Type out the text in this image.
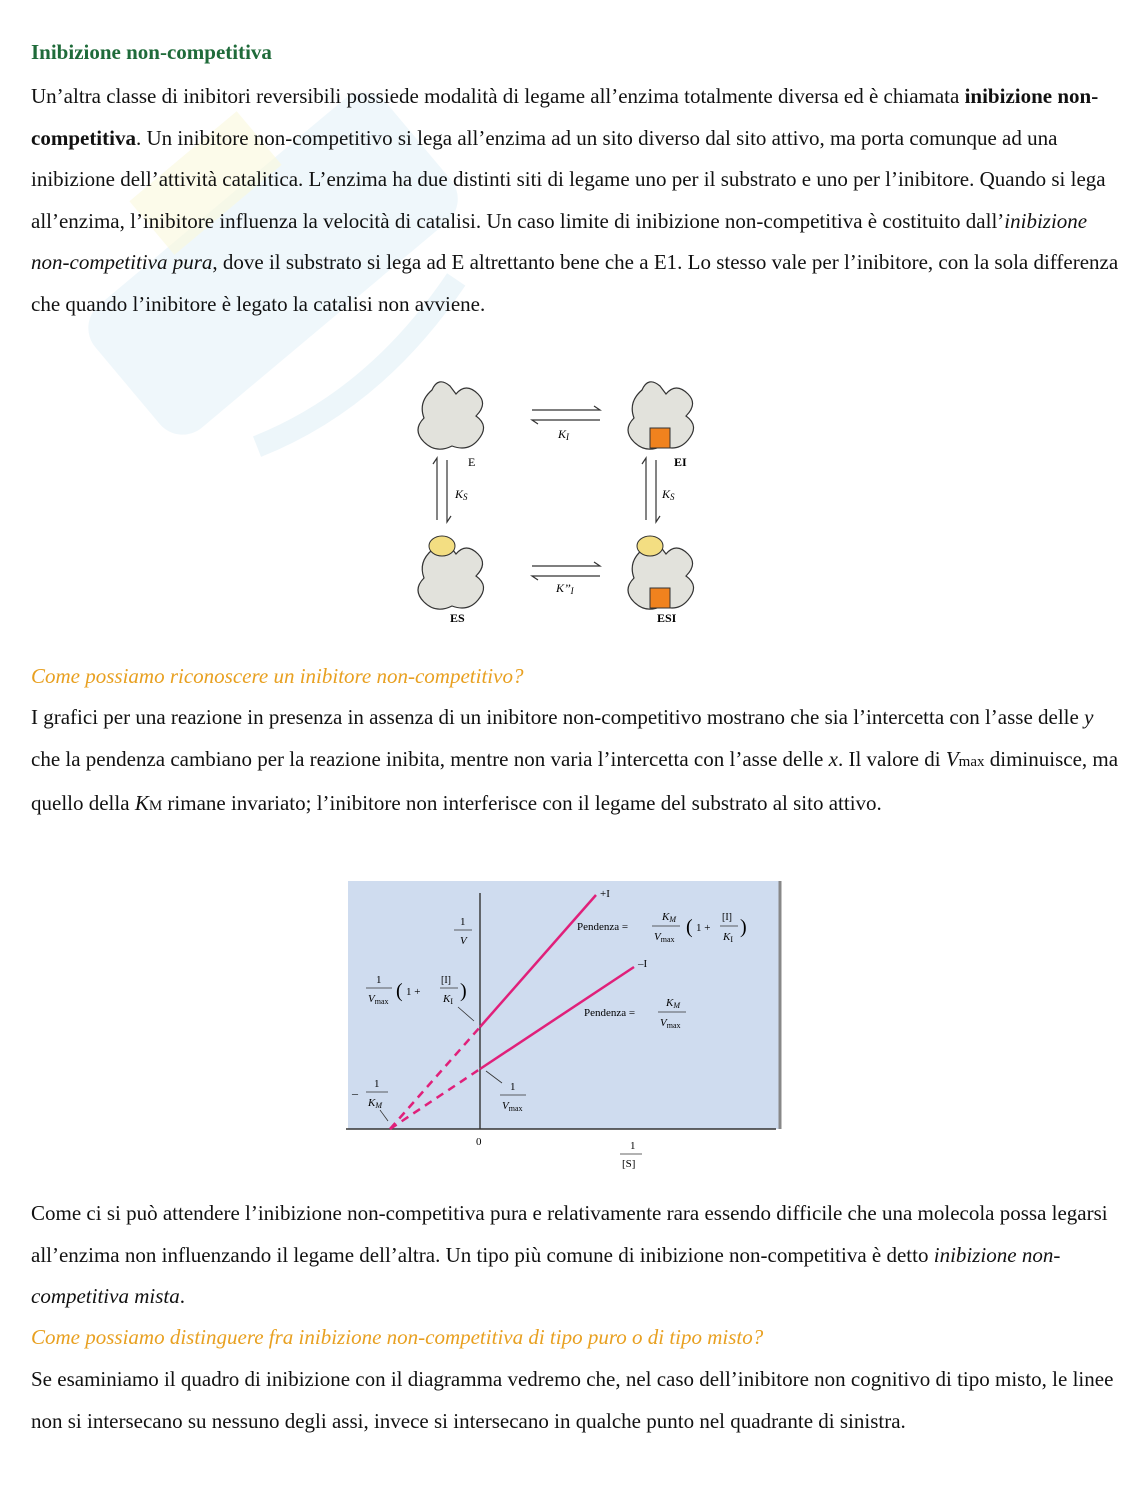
Inibizione non-competitiva

Un’altra classe di inibitori reversibili possiede modalità di legame all’enzima totalmente diversa ed è chiamata inibizione non-competitiva. Un inibitore non-competitivo si lega all’enzima ad un sito diverso dal sito attivo, ma porta comunque ad una inibizione dell’attività catalitica. L’enzima ha due distinti siti di legame uno per il substrato e uno per l’inibitore. Quando si lega all’enzima, l’inibitore influenza la velocità di catalisi. Un caso limite di inibizione non-competitiva è costituito dall’inibizione non-competitiva pura, dove il substrato si lega ad E altrettanto bene che a E1. Lo stesso vale per l’inibitore, con la sola differenza che quando l’inibitore è legato la catalisi non avviene.

KI
K’’I
KS	KS
E	EI
ES	ESI
Come possiamo riconoscere un inibitore non-competitivo?

I grafici per una reazione in presenza in assenza di un inibitore non-competitivo mostrano che sia l’intercetta con l’asse delle y che la pendenza cambiano per la reazione inibita, mentre non varia l’intercetta con l’asse delle x. Il valore di Vmax diminuisce, ma quello della KM rimane invariato; l’inibitore non interferisce con il legame del substrato al sito attivo.

+I
–I
1
V
1
[S]
0
Pendenza =
KM
Vmax
( 1 +
[I]
KI
)
Pendenza =
KM
Vmax
1
Vmax ( 1 +
[I]
KI )
1
Vmax
–
1
KM

Come ci si può attendere l’inibizione non-competitiva pura e relativamente rara essendo difficile che una molecola possa legarsi all’enzima non influenzando il legame dell’altra. Un tipo più comune di inibizione non-competitiva è detto inibizione non-competitiva mista.

Come possiamo distinguere fra inibizione non-competitiva di tipo puro o di tipo misto?

Se esaminiamo il quadro di inibizione con il diagramma vedremo che, nel caso dell’inibitore non cognitivo di tipo misto, le linee non si intersecano su nessuno degli assi, invece si intersecano in qualche punto nel quadrante di sinistra.
